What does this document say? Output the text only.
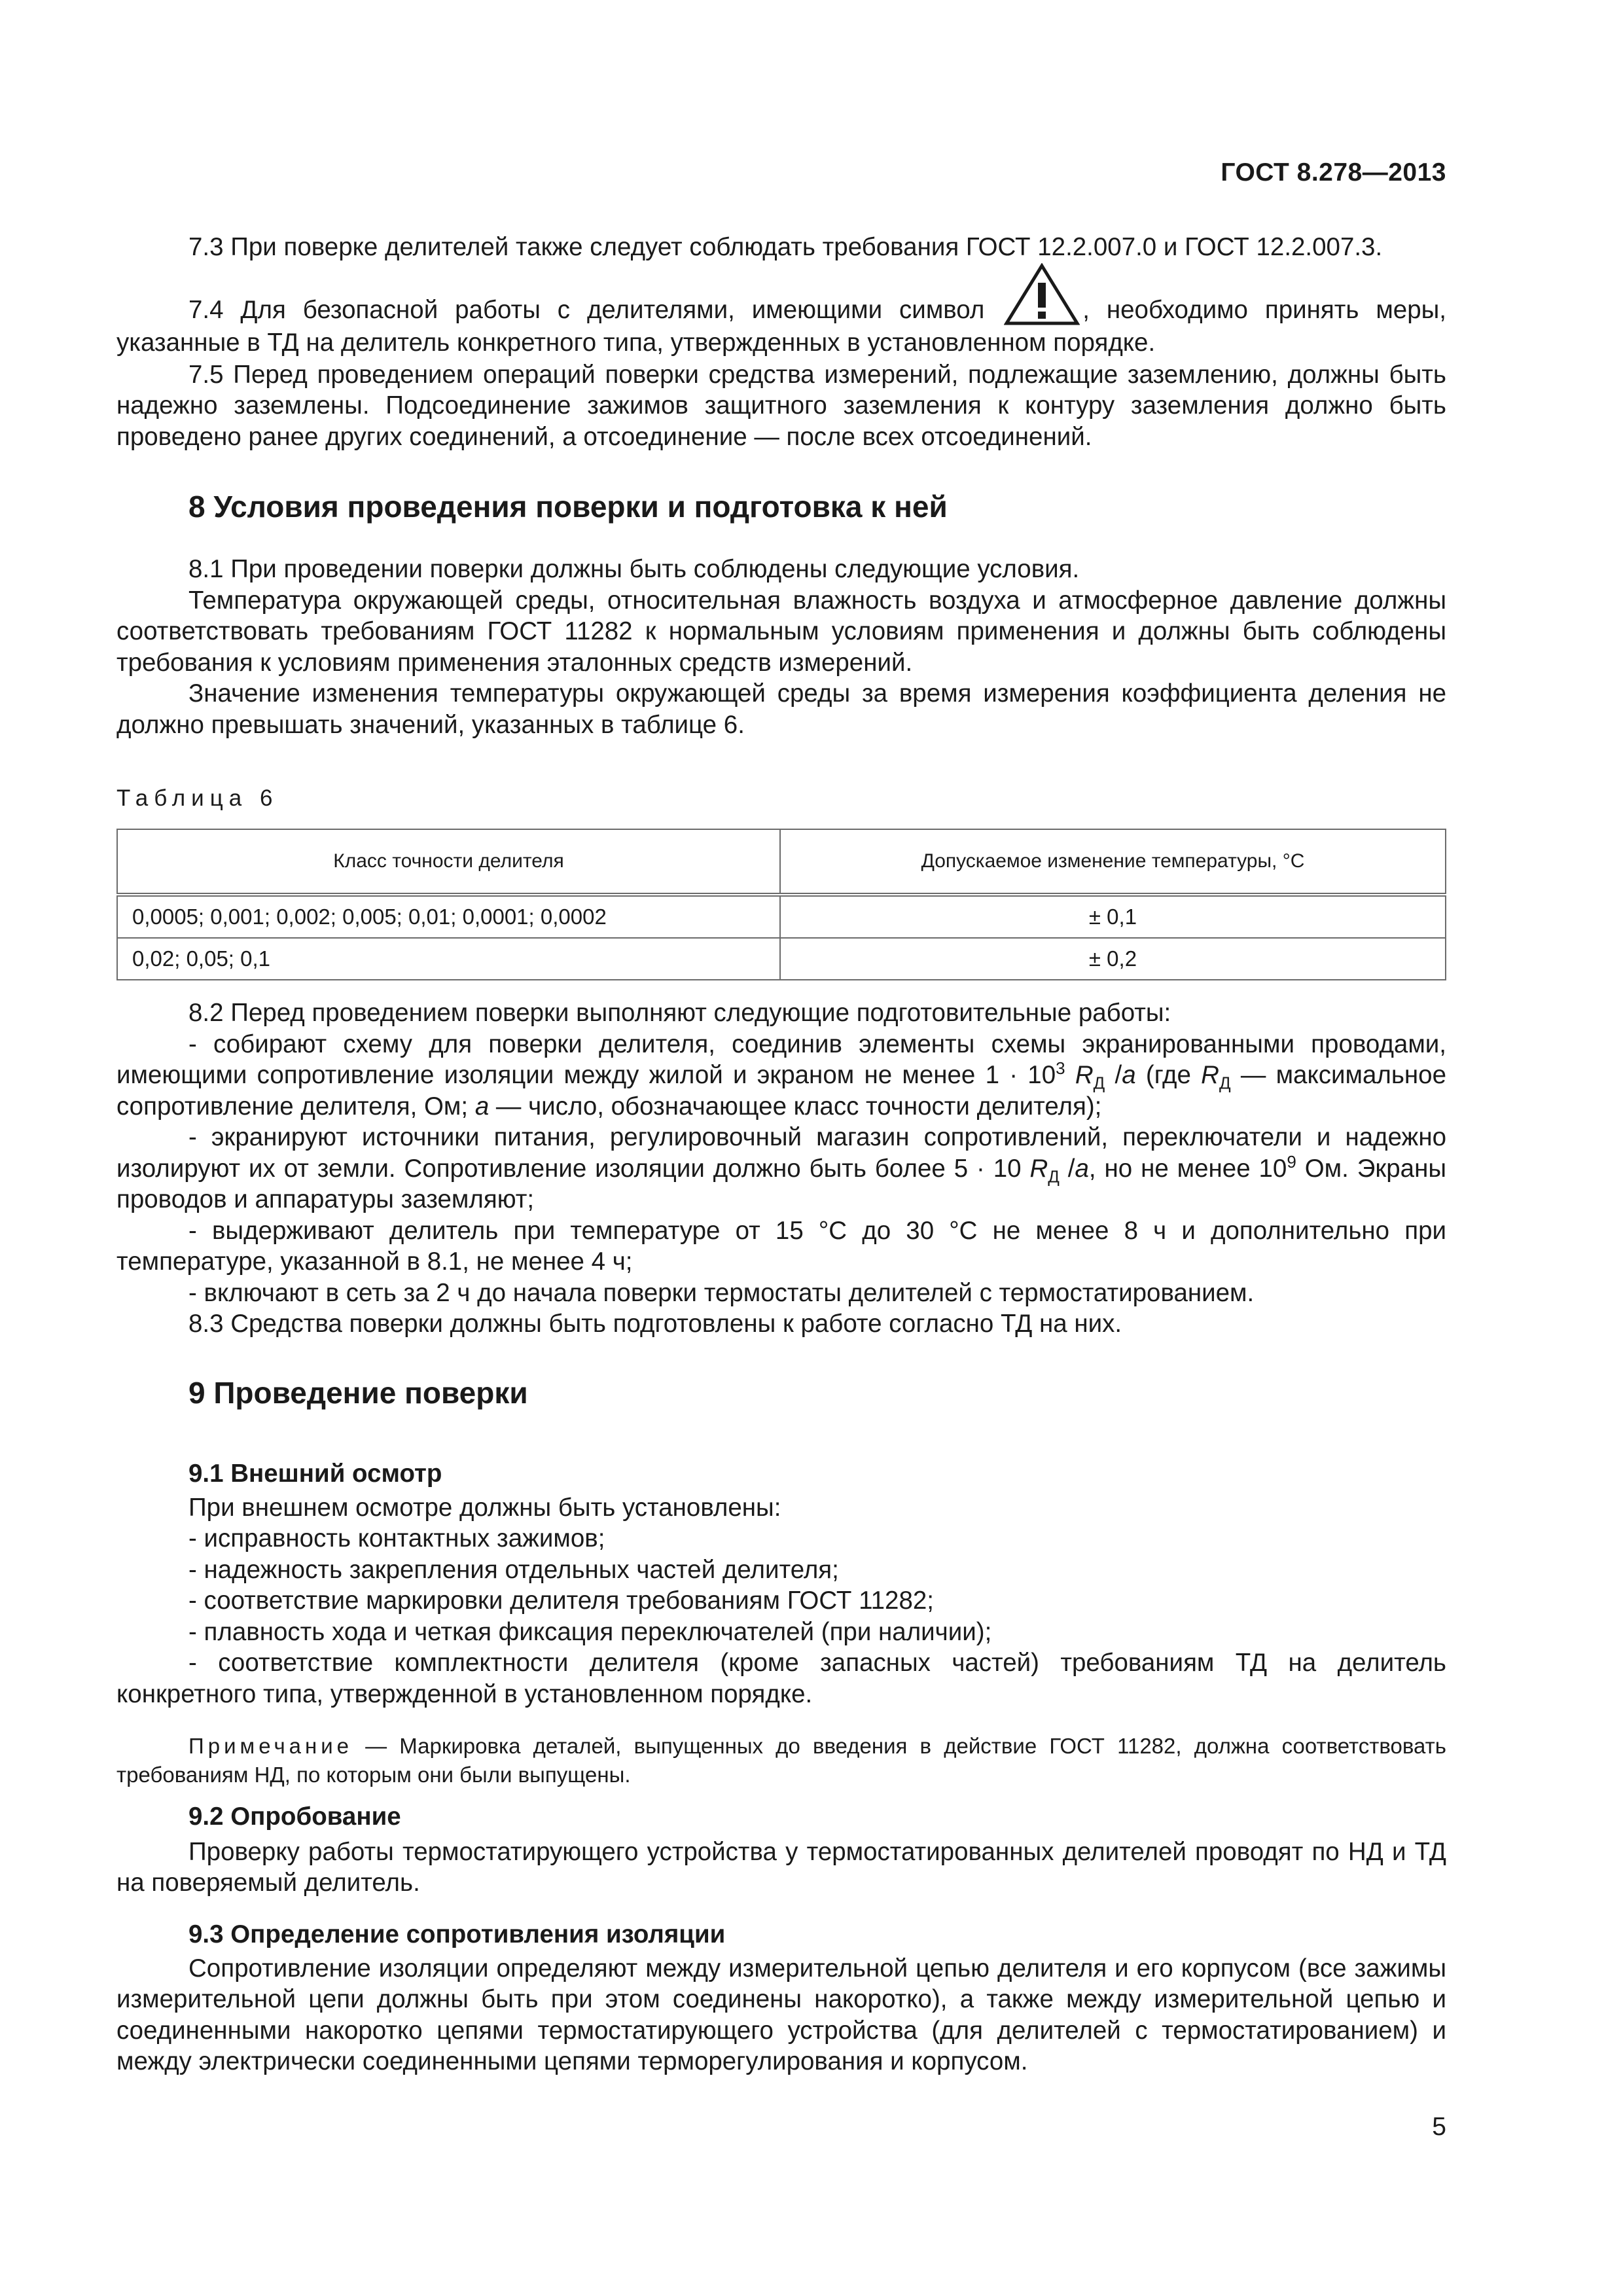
ГОСТ 8.278—2013

7.3 При поверке делителей также следует соблюдать требования ГОСТ 12.2.007.0 и ГОСТ 12.2.007.3.

7.4 Для безопасной работы с делителями, имеющими символ	, необходимо принять меры, указанные в ТД на делитель конкретного типа, утвержденных в установленном порядке.

7.5 Перед проведением операций поверки средства измерений, подлежащие заземлению, должны быть надежно заземлены. Подсоединение зажимов защитного заземления к контуру заземления должно быть проведено ранее других соединений, а отсоединение — после всех отсоединений.

8 Условия проведения поверки и подготовка к ней

8.1 При проведении поверки должны быть соблюдены следующие условия.

Температура окружающей среды, относительная влажность воздуха и атмосферное давление должны соответствовать требованиям ГОСТ 11282 к нормальным условиям применения и должны быть соблюдены требования к условиям применения эталонных средств измерений.

Значение изменения температуры окружающей среды за время измерения коэффициента деления не должно превышать значений, указанных в таблице 6.

Таблица 6
Класс точности делителя	Допускаемое изменение температуры, °С
0,0005; 0,001; 0,002; 0,005; 0,01; 0,0001; 0,0002	± 0,1
0,02; 0,05; 0,1	± 0,2

8.2 Перед проведением поверки выполняют следующие подготовительные работы:

- собирают схему для поверки делителя, соединив элементы схемы экранированными проводами, имеющими сопротивление изоляции между жилой и экраном не менее $1 \cdot 10^3$ $R_Д$ /a (где $R_Д$ — максимальное сопротивление делителя, Ом; a — число, обозначающее класс точности делителя);

- экранируют источники питания, регулировочный магазин сопротивлений, переключатели и надежно изолируют их от земли. Сопротивление изоляции должно быть более 5 · 10 $R_Д$ /a, но не менее $10^9$ Ом. Экраны проводов и аппаратуры заземляют;

- выдерживают делитель при температуре от 15 °С до 30 °С не менее 8 ч и дополнительно при температуре, указанной в 8.1, не менее 4 ч;

- включают в сеть за 2 ч до начала поверки термостаты делителей с термостатированием.

8.3 Средства поверки должны быть подготовлены к работе согласно ТД на них.

9 Проведение поверки
9.1 Внешний осмотр

При внешнем осмотре должны быть установлены:

- исправность контактных зажимов;

- надежность закрепления отдельных частей делителя;

- соответствие маркировки делителя требованиям ГОСТ 11282;

- плавность хода и четкая фиксация переключателей (при наличии);

- соответствие комплектности делителя (кроме запасных частей) требованиям ТД на делитель конкретного типа, утвержденной в установленном порядке.

Примечание — Маркировка деталей, выпущенных до введения в действие ГОСТ 11282, должна соответствовать требованиям НД, по которым они были выпущены.

9.2 Опробование

Проверку работы термостатирующего устройства у термостатированных делителей проводят по НД и ТД на поверяемый делитель.

9.3 Определение сопротивления изоляции

Сопротивление изоляции определяют между измерительной цепью делителя и его корпусом (все зажимы измерительной цепи должны быть при этом соединены накоротко), а также между измерительной цепью и соединенными накоротко цепями термостатирующего устройства (для делителей с термостатированием) и между электрически соединенными цепями терморегулирования и корпусом.

5
